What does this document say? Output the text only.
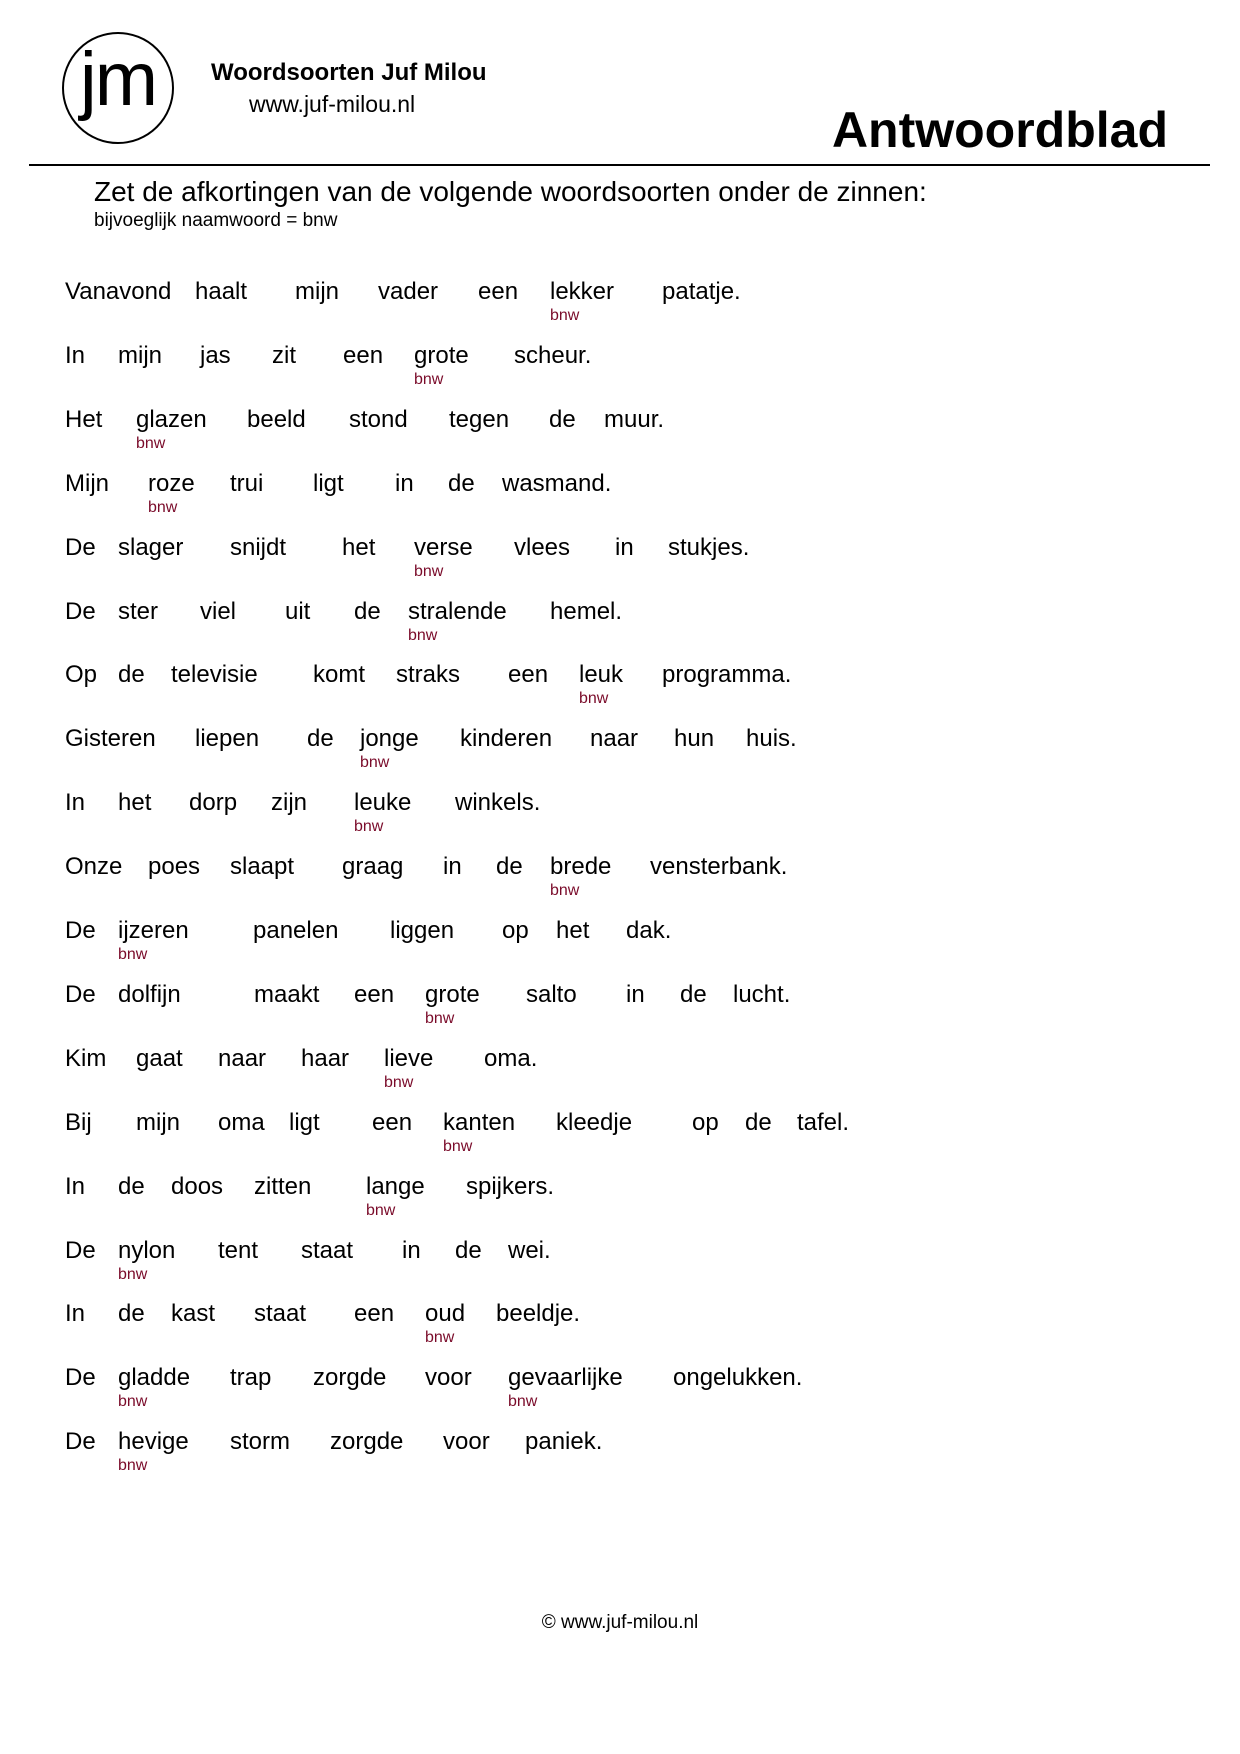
jm	Woordsoorten Juf Milou
www.juf-milou.nl	Antwoordblad
Zet de afkortingen van de volgende woordsoorten onder de zinnen:
bijvoeglijk naamwoord = bnw
Vanavond haalt mijn vader een lekker
bnw
patatje.
In mijn jas zit een grote
bnw
scheur.
Het glazen
bnw
beeld stond tegen de muur.
Mijn roze
bnw
trui ligt in de wasmand.
De slager snijdt het verse
bnw
vlees in stukjes.
De ster viel uit de stralende
bnw
hemel.
Op de televisie komt straks een leuk
bnw
programma.
Gisteren liepen de jonge
bnw
kinderen naar hun huis.
In het dorp zijn leuke
bnw
winkels.
Onze poes slaapt graag in de brede
bnw
vensterbank.
De ijzeren
bnw
panelen liggen op het dak.
De dolfijn	maakt een grote
bnw
salto in de lucht.
Kim gaat naar haar lieve
bnw
oma.
Bij mijn oma ligt een kanten
bnw
kleedje op de tafel.
In de doos zitten lange
bnw
spijkers.
De nylon
bnw
tent staat in de wei.
In de kast staat een oud
bnw
beeldje.
De gladde
bnw
trap zorgde voor gevaarlijke
bnw
ongelukken.
De hevige
bnw
storm zorgde voor paniek.
© www.juf-milou.nl
